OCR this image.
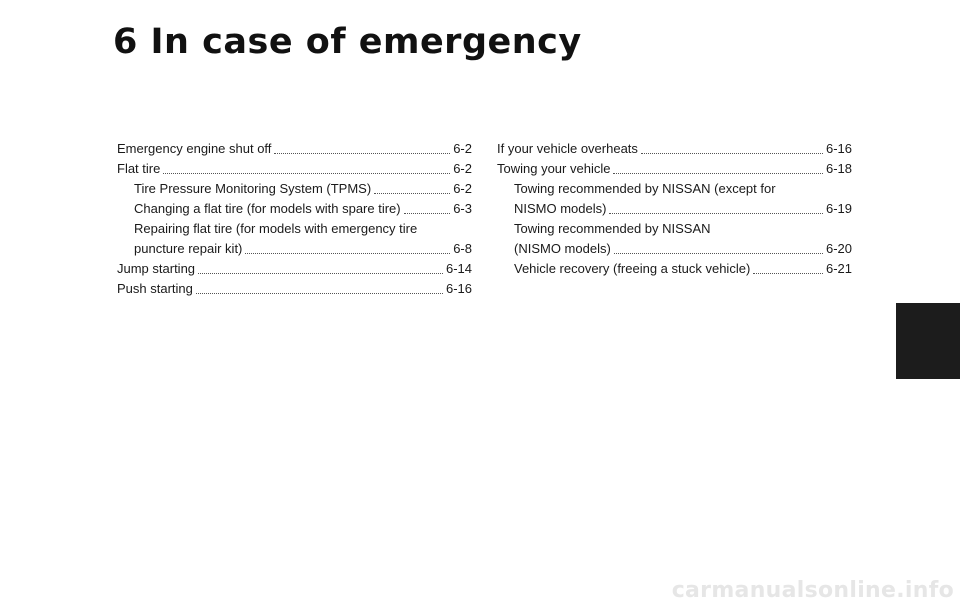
6 In case of emergency
Emergency engine shut off	6-2
Flat tire	6-2
Tire Pressure Monitoring System (TPMS)	6-2
Changing a flat tire (for models with spare tire)	6-3
Repairing flat tire (for models with emergency tire
puncture repair kit)	6-8
Jump starting	6-14
Push starting	6-16
If your vehicle overheats	6-16
Towing your vehicle	6-18
Towing recommended by NISSAN (except for
NISMO models)	6-19
Towing recommended by NISSAN
(NISMO models)	6-20
Vehicle recovery (freeing a stuck vehicle)	6-21
carmanualsonline.info
